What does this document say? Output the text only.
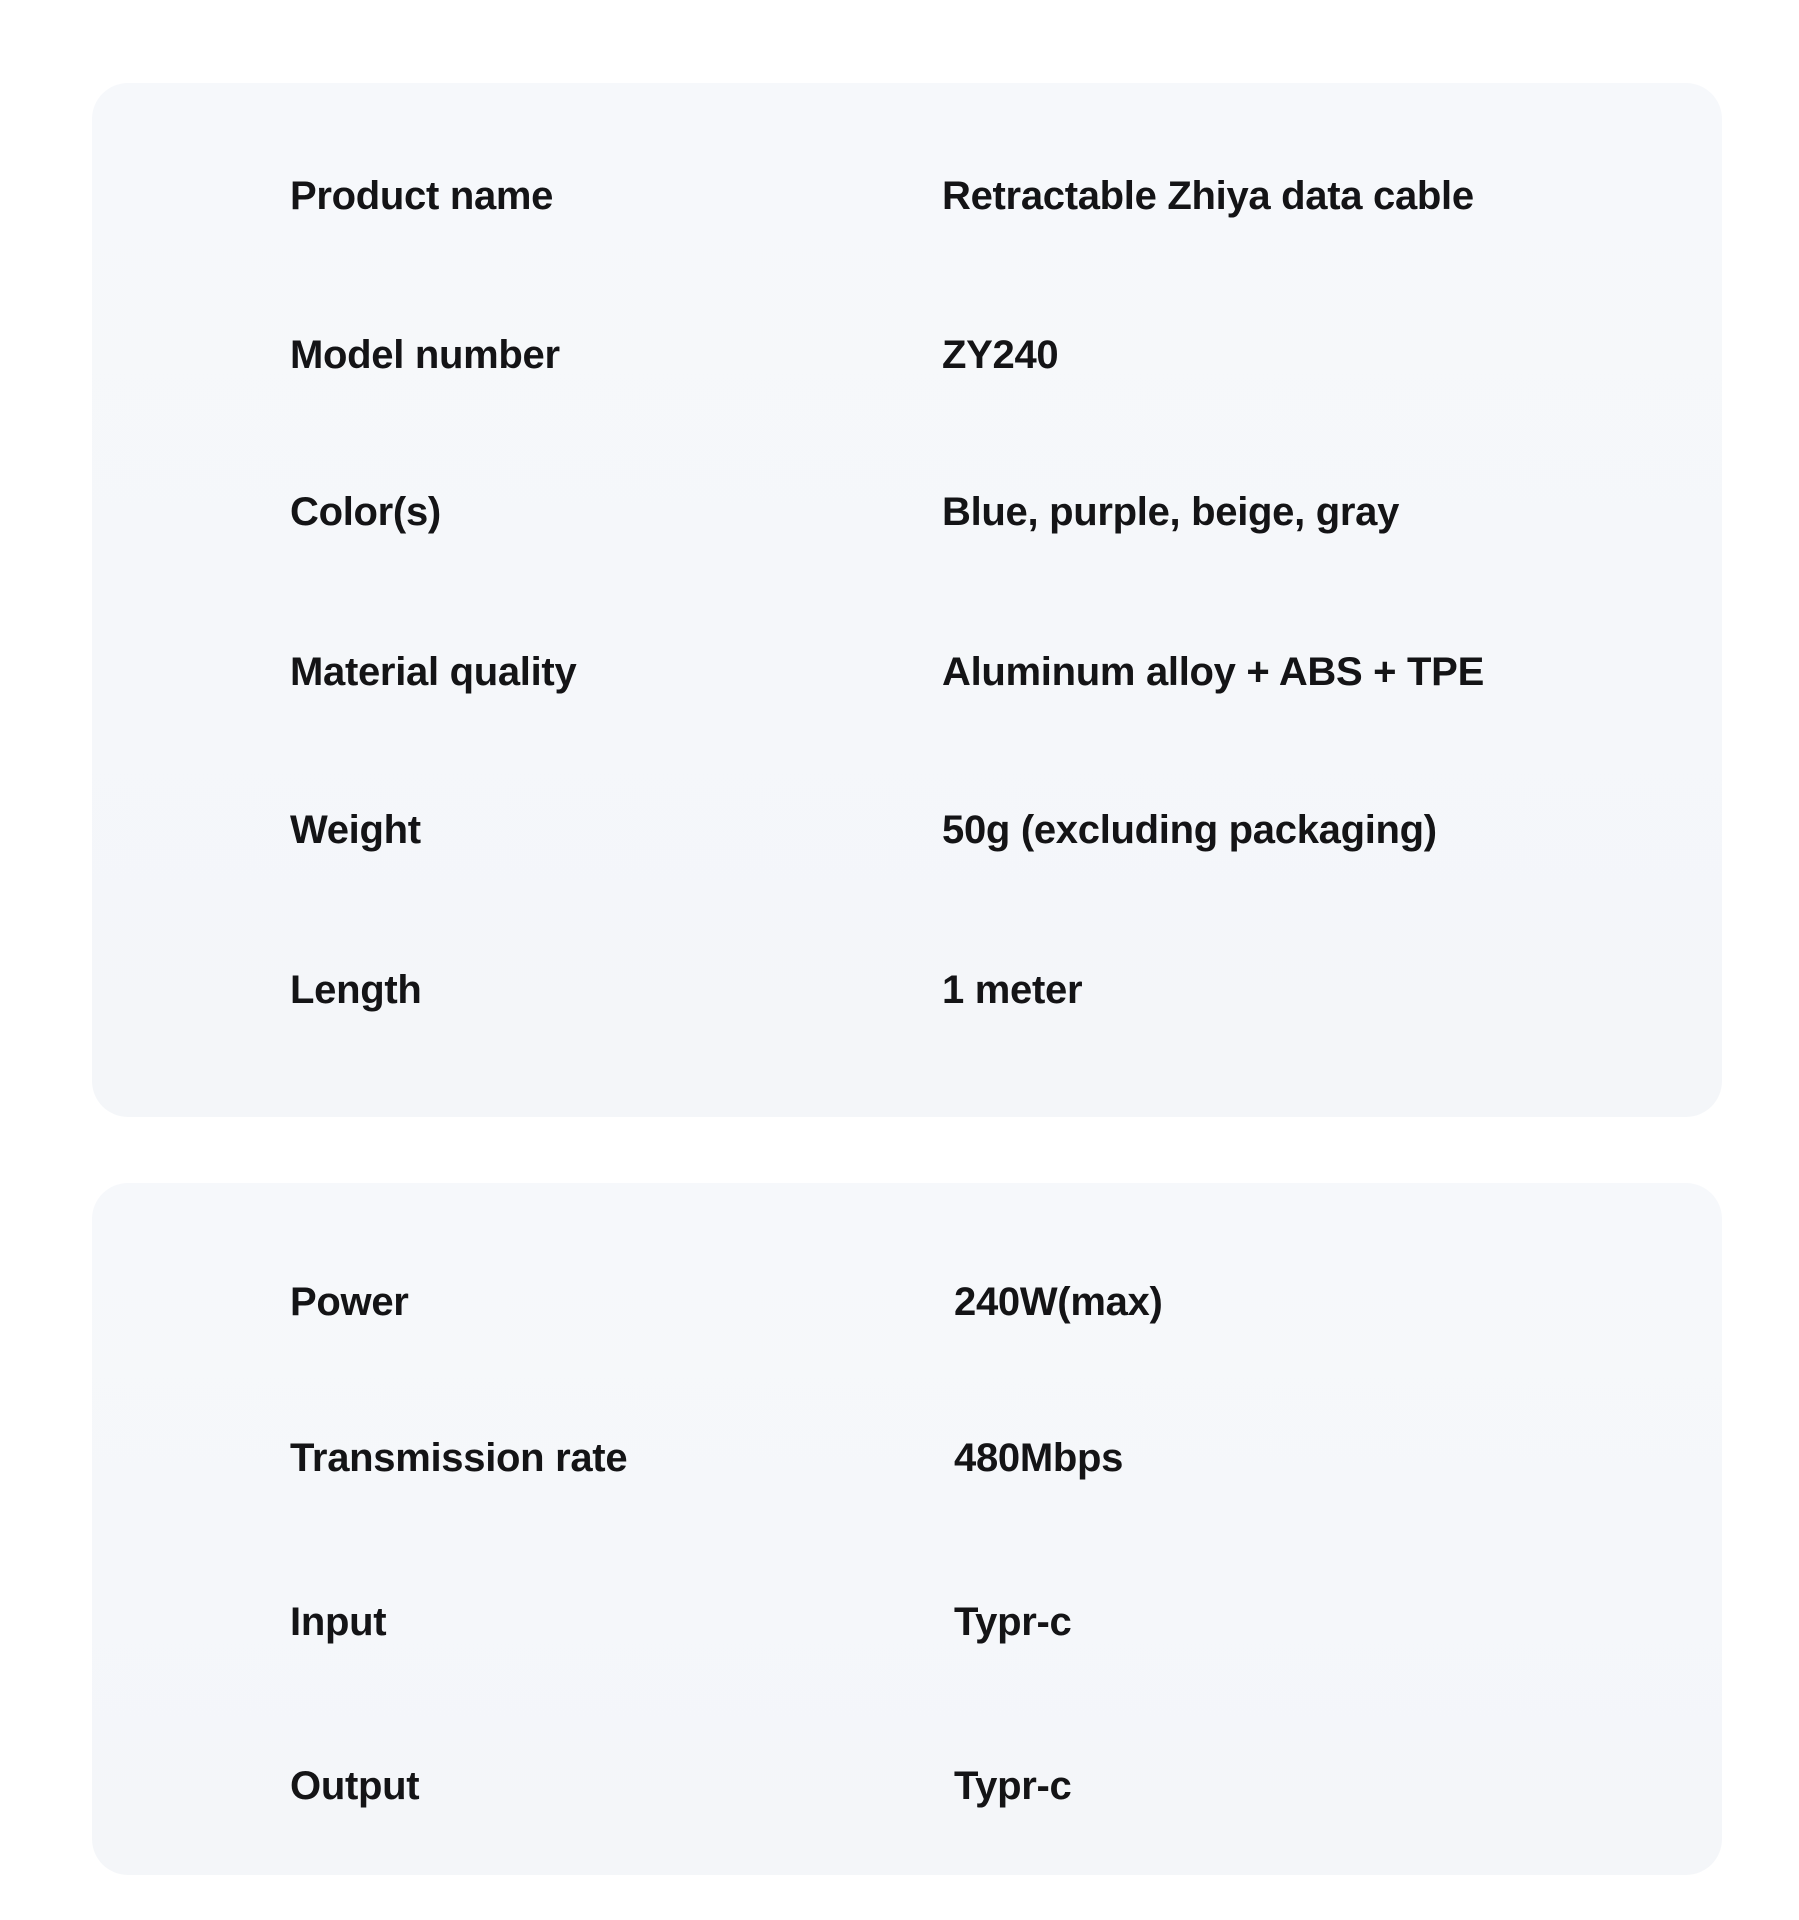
Product name	Retractable Zhiya data cable
Model number	ZY240
Color(s)	Blue, purple, beige, gray
Material quality	Aluminum alloy + ABS + TPE
Weight	50g (excluding packaging)
Length	1 meter
Power	240W(max)
Transmission rate	480Mbps
Input	Typr-c
Output	Typr-c
